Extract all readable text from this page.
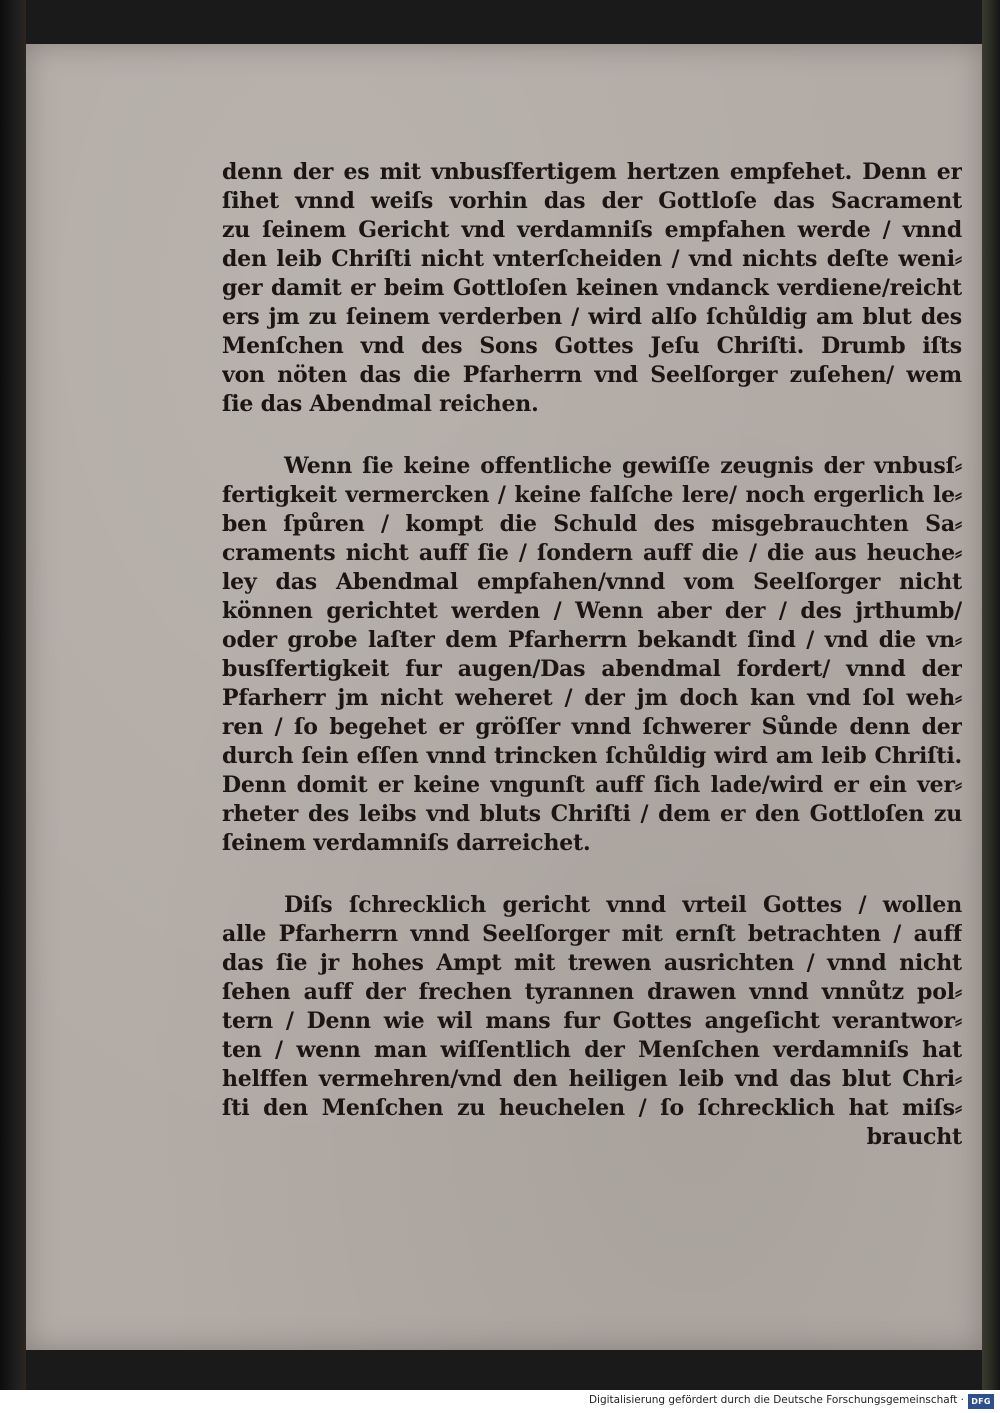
denn der es mit vnbusſfertigem hertzen empfehet. Denn er
ſihet vnnd weiſs vorhin das der Gottloſe das Sacrament
zu ſeinem Gericht vnd verdamniſs empfahen werde / vnnd
den leib Chriſti nicht vnterſcheiden / vnd nichts deſte weni⸗
ger damit er beim Gottloſen keinen vndanck verdiene/reicht
ers jm zu ſeinem verderben / wird alſo ſchůldig am blut des
Menſchen vnd des Sons Gottes Jeſu Chriſti. Drumb iſts
von nöten das die Pfarherrn vnd Seelſorger zuſehen/ wem
ſie das Abendmal reichen.
Wenn ſie keine offentliche gewiſſe zeugnis der vnbusſ⸗
fertigkeit vermercken / keine falſche lere/ noch ergerlich le⸗
ben ſpůren / kompt die Schuld des misgebrauchten Sa⸗
craments nicht auff ſie / ſondern auff die / die aus heuche⸗
ley das Abendmal empfahen/vnnd vom Seelſorger nicht
können gerichtet werden / Wenn aber der / des jrthumb/
oder grobe laſter dem Pfarherrn bekandt ſind / vnd die vn⸗
busſfertigkeit fur augen/Das abendmal fordert/ vnnd der
Pfarherr jm nicht weheret / der jm doch kan vnd ſol weh⸗
ren / ſo begehet er gröſſer vnnd ſchwerer Sůnde denn der
durch ſein eſſen vnnd trincken ſchůldig wird am leib Chriſti.
Denn domit er keine vngunſt auff ſich lade/wird er ein ver⸗
rheter des leibs vnd bluts Chriſti / dem er den Gottloſen zu
ſeinem verdamniſs darreichet.
Diſs ſchrecklich gericht vnnd vrteil Gottes / wollen
alle Pfarherrn vnnd Seelſorger mit ernſt betrachten / auff
das ſie jr hohes Ampt mit trewen ausrichten / vnnd nicht
ſehen auff der frechen tyrannen drawen vnnd vnnůtz pol⸗
tern / Denn wie wil mans fur Gottes angeſicht verantwor⸗
ten / wenn man wiſſentlich der Menſchen verdamniſs hat
helffen vermehren/vnd den heiligen leib vnd das blut Chri⸗
ſti den Menſchen zu heuchelen / ſo ſchrecklich hat miſs⸗
braucht
Digitalisierung gefördert durch die Deutsche Forschungsgemeinschaft · DFG
